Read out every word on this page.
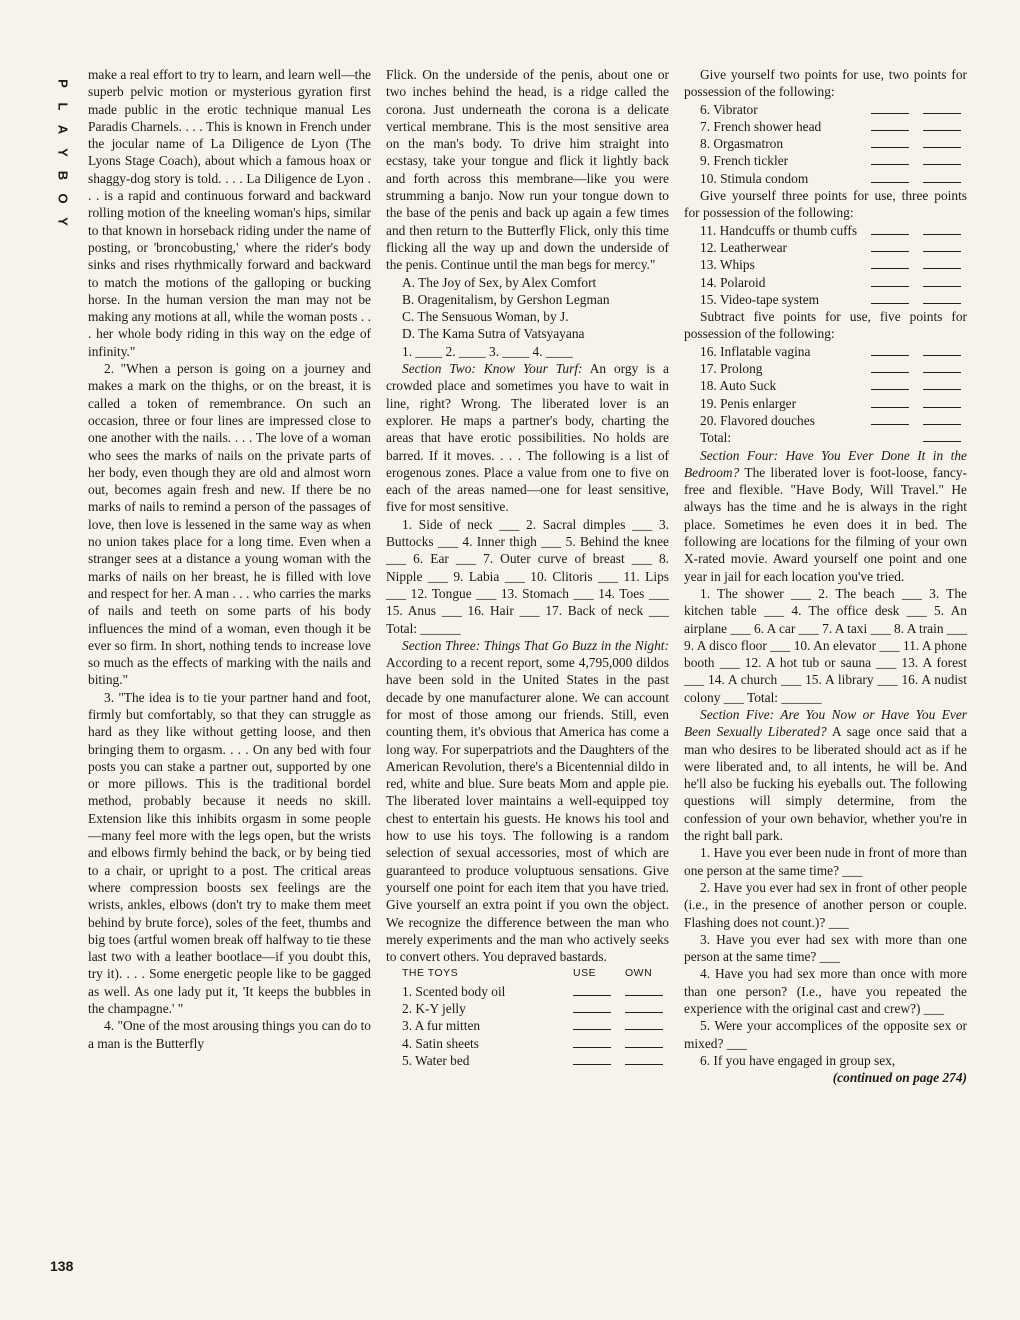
P
L
A
Y
B
O
Y
138

make a real effort to try to learn, and learn well—the superb pelvic motion or mysterious gyration first made public in the erotic technique manual Les Paradis Charnels. . . . This is known in French under the jocular name of La Diligence de Lyon (The Lyons Stage Coach), about which a famous hoax or shaggy-dog story is told. . . . La Diligence de Lyon . . . is a rapid and continuous forward and backward rolling motion of the kneeling woman's hips, similar to that known in horseback riding under the name of posting, or 'broncobusting,' where the rider's body sinks and rises rhythmically forward and backward to match the motions of the galloping or bucking horse. In the human version the man may not be making any motions at all, while the woman posts . . . her whole body riding in this way on the edge of infinity."

2. "When a person is going on a journey and makes a mark on the thighs, or on the breast, it is called a token of remembrance. On such an occasion, three or four lines are impressed close to one another with the nails. . . . The love of a woman who sees the marks of nails on the private parts of her body, even though they are old and almost worn out, becomes again fresh and new. If there be no marks of nails to remind a person of the passages of love, then love is lessened in the same way as when no union takes place for a long time. Even when a stranger sees at a distance a young woman with the marks of nails on her breast, he is filled with love and respect for her. A man . . . who carries the marks of nails and teeth on some parts of his body influences the mind of a woman, even though it be ever so firm. In short, nothing tends to increase love so much as the effects of marking with the nails and biting."

3. "The idea is to tie your partner hand and foot, firmly but comfortably, so that they can struggle as hard as they like without getting loose, and then bringing them to orgasm. . . . On any bed with four posts you can stake a partner out, supported by one or more pillows. This is the traditional bordel method, probably because it needs no skill. Extension like this inhibits orgasm in some people—many feel more with the legs open, but the wrists and elbows firmly behind the back, or by being tied to a chair, or upright to a post. The critical areas where compression boosts sex feelings are the wrists, ankles, elbows (don't try to make them meet behind by brute force), soles of the feet, thumbs and big toes (artful women break off halfway to tie these last two with a leather bootlace—if you doubt this, try it). . . . Some energetic people like to be gagged as well. As one lady put it, 'It keeps the bubbles in the champagne.' "

4. "One of the most arousing things you can do to a man is the Butterfly

Flick. On the underside of the penis, about one or two inches behind the head, is a ridge called the corona. Just underneath the corona is a delicate vertical membrane. This is the most sensitive area on the man's body. To drive him straight into ecstasy, take your tongue and flick it lightly back and forth across this membrane—like you were strumming a banjo. Now run your tongue down to the base of the penis and back up again a few times and then return to the Butterfly Flick, only this time flicking all the way up and down the underside of the penis. Continue until the man begs for mercy."

A. The Joy of Sex, by Alex Comfort
B. Oragenitalism, by Gershon Legman
C. The Sensuous Woman, by J.
D. The Kama Sutra of Vatsyayana
1. ____ 2. ____ 3. ____ 4. ____

Section Two: Know Your Turf: An orgy is a crowded place and sometimes you have to wait in line, right? Wrong. The liberated lover is an explorer. He maps a partner's body, charting the areas that have erotic possibilities. No holds are barred. If it moves. . . . The following is a list of erogenous zones. Place a value from one to five on each of the areas named—one for least sensitive, five for most sensitive.

1. Side of neck ___ 2. Sacral dimples ___ 3. Buttocks ___ 4. Inner thigh ___ 5. Behind the knee ___ 6. Ear ___ 7. Outer curve of breast ___ 8. Nipple ___ 9. Labia ___ 10. Clitoris ___ 11. Lips ___ 12. Tongue ___ 13. Stomach ___ 14. Toes ___ 15. Anus ___ 16. Hair ___ 17. Back of neck ___ Total: ______

Section Three: Things That Go Buzz in the Night: According to a recent report, some 4,795,000 dildos have been sold in the United States in the past decade by one manufacturer alone. We can account for most of those among our friends. Still, even counting them, it's obvious that America has come a long way. For superpatriots and the Daughters of the American Revolution, there's a Bicentennial dildo in red, white and blue. Sure beats Mom and apple pie. The liberated lover maintains a well-equipped toy chest to entertain his guests. He knows his tool and how to use his toys. The following is a random selection of sexual accessories, most of which are guaranteed to produce voluptuous sensations. Give yourself one point for each item that you have tried. Give yourself an extra point if you own the object. We recognize the difference between the man who merely experiments and the man who actively seeks to convert others. You depraved bastards.

THE TOYS	USE	OWN
1. Scented body oil		
2. K-Y jelly		
3. A fur mitten		
4. Satin sheets		
5. Water bed		

Give yourself two points for use, two points for possession of the following:

6. Vibrator		
7. French shower head		
8. Orgasmatron		
9. French tickler		
10. Stimula condom		

Give yourself three points for use, three points for possession of the following:

11. Handcuffs or thumb cuffs		
12. Leatherwear		
13. Whips		
14. Polaroid		
15. Video-tape system		

Subtract five points for use, five points for possession of the following:

16. Inflatable vagina		
17. Prolong		
18. Auto Suck		
19. Penis enlarger		
20. Flavored douches		
Total:		

Section Four: Have You Ever Done It in the Bedroom? The liberated lover is foot-loose, fancy-free and flexible. "Have Body, Will Travel." He always has the time and he is always in the right place. Sometimes he even does it in bed. The following are locations for the filming of your own X-rated movie. Award yourself one point and one year in jail for each location you've tried.

1. The shower ___ 2. The beach ___ 3. The kitchen table ___ 4. The office desk ___ 5. An airplane ___ 6. A car ___ 7. A taxi ___ 8. A train ___ 9. A disco floor ___ 10. An elevator ___ 11. A phone booth ___ 12. A hot tub or sauna ___ 13. A forest ___ 14. A church ___ 15. A library ___ 16. A nudist colony ___ Total: ______

Section Five: Are You Now or Have You Ever Been Sexually Liberated? A sage once said that a man who desires to be liberated should act as if he were liberated and, to all intents, he will be. And he'll also be fucking his eyeballs out. The following questions will simply determine, from the confession of your own behavior, whether you're in the right ball park.

1. Have you ever been nude in front of more than one person at the same time? ___

2. Have you ever had sex in front of other people (i.e., in the presence of another person or couple. Flashing does not count.)? ___

3. Have you ever had sex with more than one person at the same time? ___

4. Have you had sex more than once with more than one person? (I.e., have you repeated the experience with the original cast and crew?) ___

5. Were your accomplices of the opposite sex or mixed? ___

6. If you have engaged in group sex,

(continued on page 274)
